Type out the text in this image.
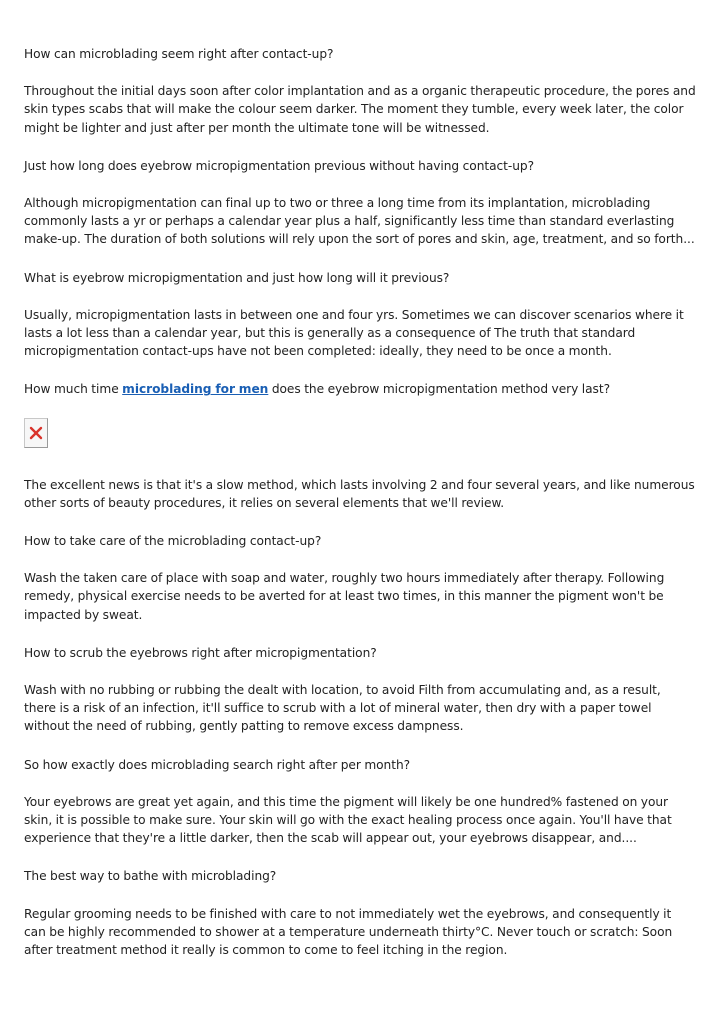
How can microblading seem right after contact-up?

Throughout the initial days soon after color implantation and as a organic therapeutic procedure, the pores and skin types scabs that will make the colour seem darker. The moment they tumble, every week later, the color might be lighter and just after per month the ultimate tone will be witnessed.

Just how long does eyebrow micropigmentation previous without having contact-up?

Although micropigmentation can final up to two or three a long time from its implantation, microblading commonly lasts a yr or perhaps a calendar year plus a half, significantly less time than standard everlasting make-up. The duration of both solutions will rely upon the sort of pores and skin, age, treatment, and so forth...

What is eyebrow micropigmentation and just how long will it previous?

Usually, micropigmentation lasts in between one and four yrs. Sometimes we can discover scenarios where it lasts a lot less than a calendar year, but this is generally as a consequence of The truth that standard micropigmentation contact-ups have not been completed: ideally, they need to be once a month.

How much time microblading for men does the eyebrow micropigmentation method very last?

The excellent news is that it's a slow method, which lasts involving 2 and four several years, and like numerous other sorts of beauty procedures, it relies on several elements that we'll review.

How to take care of the microblading contact-up?

Wash the taken care of place with soap and water, roughly two hours immediately after therapy. Following remedy, physical exercise needs to be averted for at least two times, in this manner the pigment won't be impacted by sweat.

How to scrub the eyebrows right after micropigmentation?

Wash with no rubbing or rubbing the dealt with location, to avoid Filth from accumulating and, as a result, there is a risk of an infection, it'll suffice to scrub with a lot of mineral water, then dry with a paper towel without the need of rubbing, gently patting to remove excess dampness.

So how exactly does microblading search right after per month?

Your eyebrows are great yet again, and this time the pigment will likely be one hundred% fastened on your skin, it is possible to make sure. Your skin will go with the exact healing process once again. You'll have that experience that they're a little darker, then the scab will appear out, your eyebrows disappear, and....

The best way to bathe with microblading?

Regular grooming needs to be finished with care to not immediately wet the eyebrows, and consequently it can be highly recommended to shower at a temperature underneath thirty°C. Never touch or scratch: Soon after treatment method it really is common to come to feel itching in the region.
